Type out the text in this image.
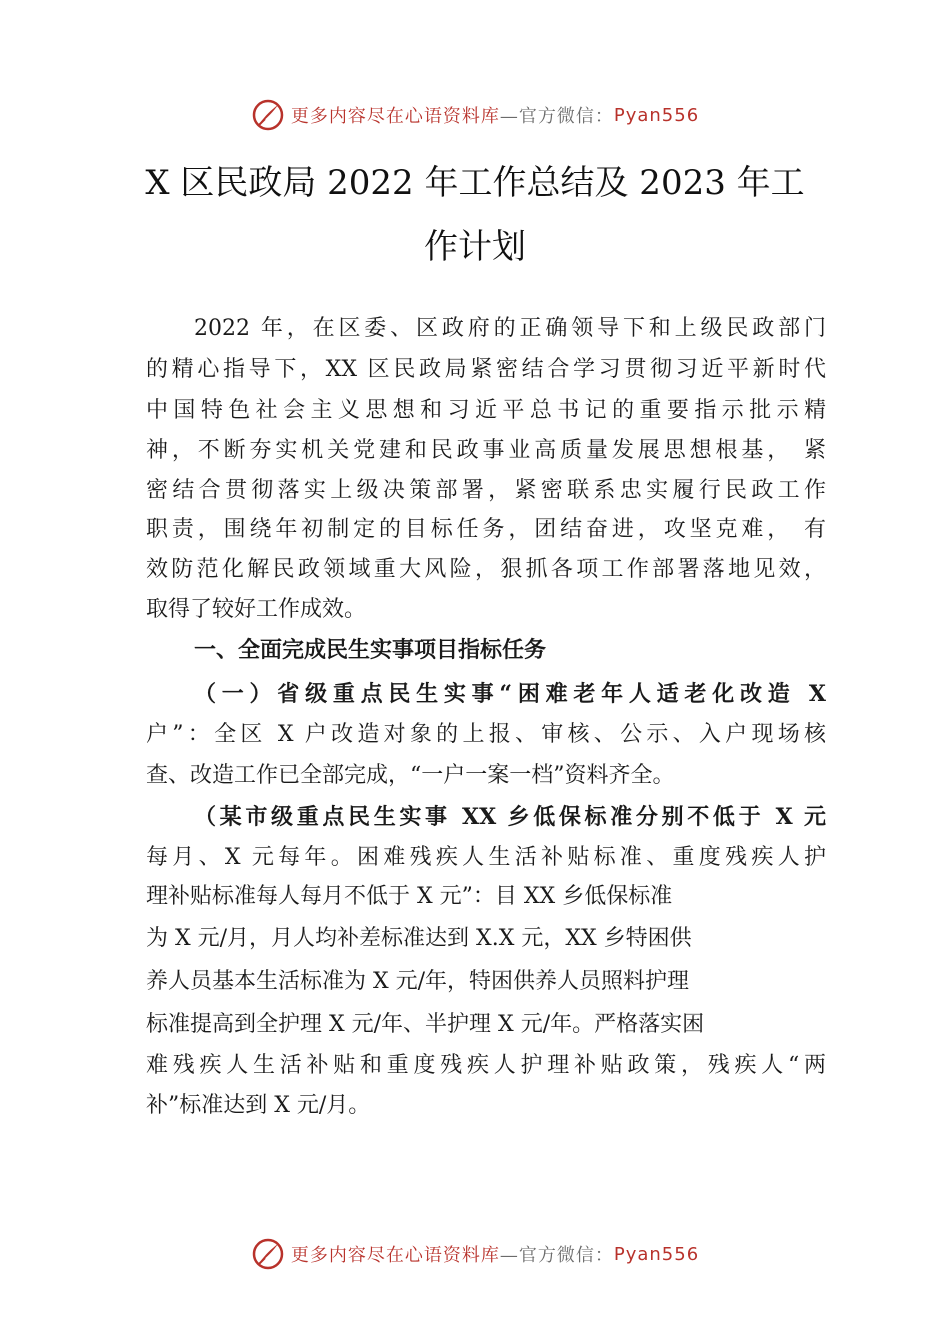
更多内容尽在心语资料库 —官方微信： Pyan556
X 区民政局 2022 年工作总结及 2023 年工
作计划
2022 年，在区委、区政府的正确领导下和上级民政部门
的精心指导下，XX 区民政局紧密结合学习贯彻习近平新时代
中国特色社会主义思想和习近平总书记的重要指示批示精
神，不断夯实机关党建和民政事业高质量发展思想根基， 紧
密结合贯彻落实上级决策部署，紧密联系忠实履行民政工作
职责，围绕年初制定的目标任务，团结奋进，攻坚克难， 有
效防范化解民政领域重大风险，狠抓各项工作部署落地见效，
取得了较好工作成效。
一、全面完成民生实事项目指标任务
（一）省级重点民生实事“困难老年人适老化改造 X
户”：全区 X 户改造对象的上报、审核、公示、入户现场核
查、改造工作已全部完成，“一户一案一档”资料齐全。
（某市级重点民生实事 XX 乡低保标准分别不低于 X 元
每月、X 元每年。困难残疾人生活补贴标准、重度残疾人护
理补贴标准每人每月不低于 X 元”：目 XX 乡低保标准
为 X 元/月，月人均补差标准达到 X.X 元，XX 乡特困供
养人员基本生活标准为 X 元/年，特困供养人员照料护理
标准提高到全护理 X 元/年、半护理 X 元/年。严格落实困
难残疾人生活补贴和重度残疾人护理补贴政策，残疾人“两
补”标准达到 X 元/月。
更多内容尽在心语资料库 —官方微信： Pyan556
